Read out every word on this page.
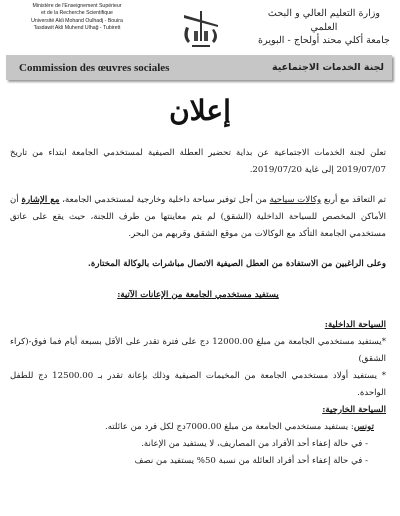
Ministère de l'Enseignement Supérieur
et de la Recherche Scientifique
Université Akli Mohand Oulhadj - Bouira
Tasdawit Akli Muhend Ulhaǧ - Tubirett
وزارة التعليم العالي و البحث العلمي
جامعة أكلي محند أولحاج - البويرة
Commission des œuvres sociales	لجنة الخدمات الاجتماعية
إعلان

تعلن لجنة الخدمات الاجتماعية عن بداية تحضير العطلة الصيفية لمستخدمي الجامعة ابتداء من تاريخ 2019/07/07 إلى غاية 2019/07/20.

تم التعاقد مع أربع وكالات سياحية من أجل توفير سياحة داخلية وخارجية لمستخدمي الجامعة، مع الإشارة أن الأماكن المخصص للسياحة الداخلية (الشقق) لم يتم معاينتها من طرف اللجنة، حيث يقع على عاتق مستخدمي الجامعة التأكد مع الوكالات من موقع الشقق وقربهم من البحر.

وعلى الراغبين من الاستفادة من العطل الصيفية الاتصال مباشرات بالوكالة المختارة.

يستفيد مستخدمي الجامعة من الإعانات الآتية:

السياحة الداخلية:

*يستفيد مستخدمي الجامعة من مبلغ 12000.00 دج على فترة تقدر على الأقل بسبعة أيام فما فوق-(كراء الشقق)

* يستفيد أولاد مستخدمي الجامعة من المخيمات الصيفية وذلك بإعانة تقدر بـ 12500.00 دج للطفل الواحدة.

السياحة الخارجية:

تونس: يستفيد مستخدمي الجامعة من مبلغ 7000.00دج لكل فرد من عائلته.

- في حالة إعفاء أحد الأفراد من المصاريف، لا يستفيد من الإعانة.

- في حالة إعفاء أحد أفراد العائلة من نسبة 50% يستفيد من نصف
